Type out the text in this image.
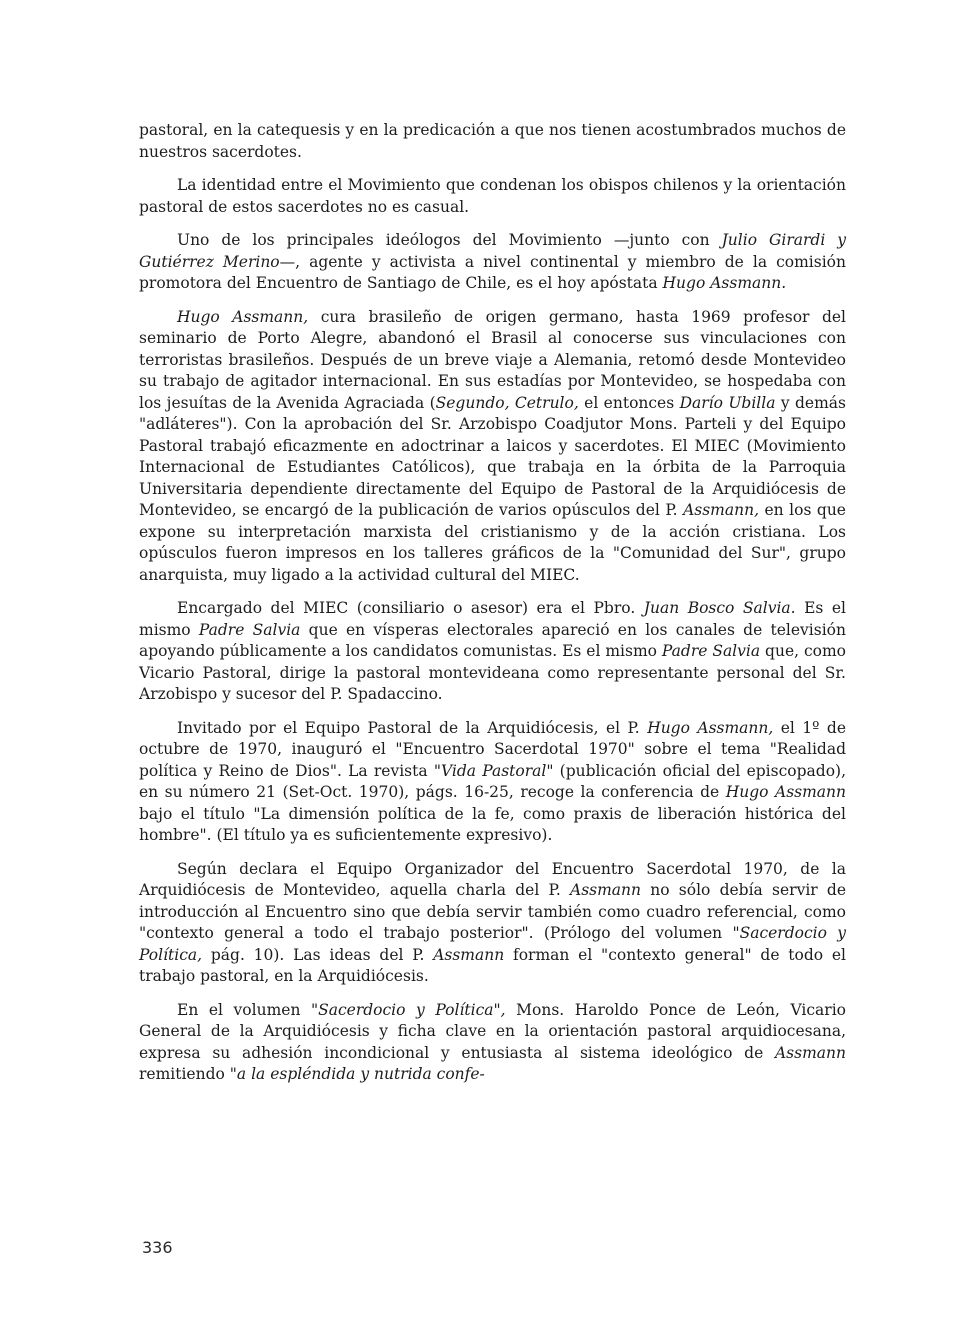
pastoral, en la catequesis y en la predicación a que nos tienen acostumbrados muchos de nuestros sacerdotes.

La identidad entre el Movimiento que condenan los obispos chilenos y la orientación pastoral de estos sacerdotes no es casual.

Uno de los principales ideólogos del Movimiento —junto con Julio Girardi y Gutiérrez Merino—, agente y activista a nivel continental y miembro de la comisión promotora del Encuentro de Santiago de Chile, es el hoy apóstata Hugo Assmann.

Hugo Assmann, cura brasileño de origen germano, hasta 1969 profesor del seminario de Porto Alegre, abandonó el Brasil al conocerse sus vinculaciones con terroristas brasileños. Después de un breve viaje a Alemania, retomó desde Montevideo su trabajo de agitador internacional. En sus estadías por Montevideo, se hospedaba con los jesuítas de la Avenida Agraciada (Segundo, Cetrulo, el entonces Darío Ubilla y demás "adláteres"). Con la aprobación del Sr. Arzobispo Coadjutor Mons. Parteli y del Equipo Pastoral trabajó eficazmente en adoctrinar a laicos y sacerdotes. El MIEC (Movimiento Internacional de Estudiantes Católicos), que trabaja en la órbita de la Parroquia Universitaria dependiente directamente del Equipo de Pastoral de la Arquidiócesis de Montevideo, se encargó de la publicación de varios opúsculos del P. Assmann, en los que expone su interpretación marxista del cristianismo y de la acción cristiana. Los opúsculos fueron impresos en los talleres gráficos de la "Comunidad del Sur", grupo anarquista, muy ligado a la actividad cultural del MIEC.

Encargado del MIEC (consiliario o asesor) era el Pbro. Juan Bosco Salvia. Es el mismo Padre Salvia que en vísperas electorales apareció en los canales de televisión apoyando públicamente a los candidatos comunistas. Es el mismo Padre Salvia que, como Vicario Pastoral, dirige la pastoral montevideana como representante personal del Sr. Arzobispo y sucesor del P. Spadaccino.

Invitado por el Equipo Pastoral de la Arquidiócesis, el P. Hugo Assmann, el 1º de octubre de 1970, inauguró el "Encuentro Sacerdotal 1970" sobre el tema "Realidad política y Reino de Dios". La revista "Vida Pastoral" (publicación oficial del episcopado), en su número 21 (Set-Oct. 1970), págs. 16-25, recoge la conferencia de Hugo Assmann bajo el título "La dimensión política de la fe, como praxis de liberación histórica del hombre". (El título ya es suficientemente expresivo).

Según declara el Equipo Organizador del Encuentro Sacerdotal 1970, de la Arquidiócesis de Montevideo, aquella charla del P. Assmann no sólo debía servir de introducción al Encuentro sino que debía servir también como cuadro referencial, como "contexto general a todo el trabajo posterior". (Prólogo del volumen "Sacerdocio y Política, pág. 10). Las ideas del P. Assmann forman el "contexto general" de todo el trabajo pastoral, en la Arquidiócesis.

En el volumen "Sacerdocio y Política", Mons. Haroldo Ponce de León, Vicario General de la Arquidiócesis y ficha clave en la orientación pastoral arquidiocesana, expresa su adhesión incondicional y entusiasta al sistema ideológico de Assmann remitiendo "a la espléndida y nutrida confe-

336
